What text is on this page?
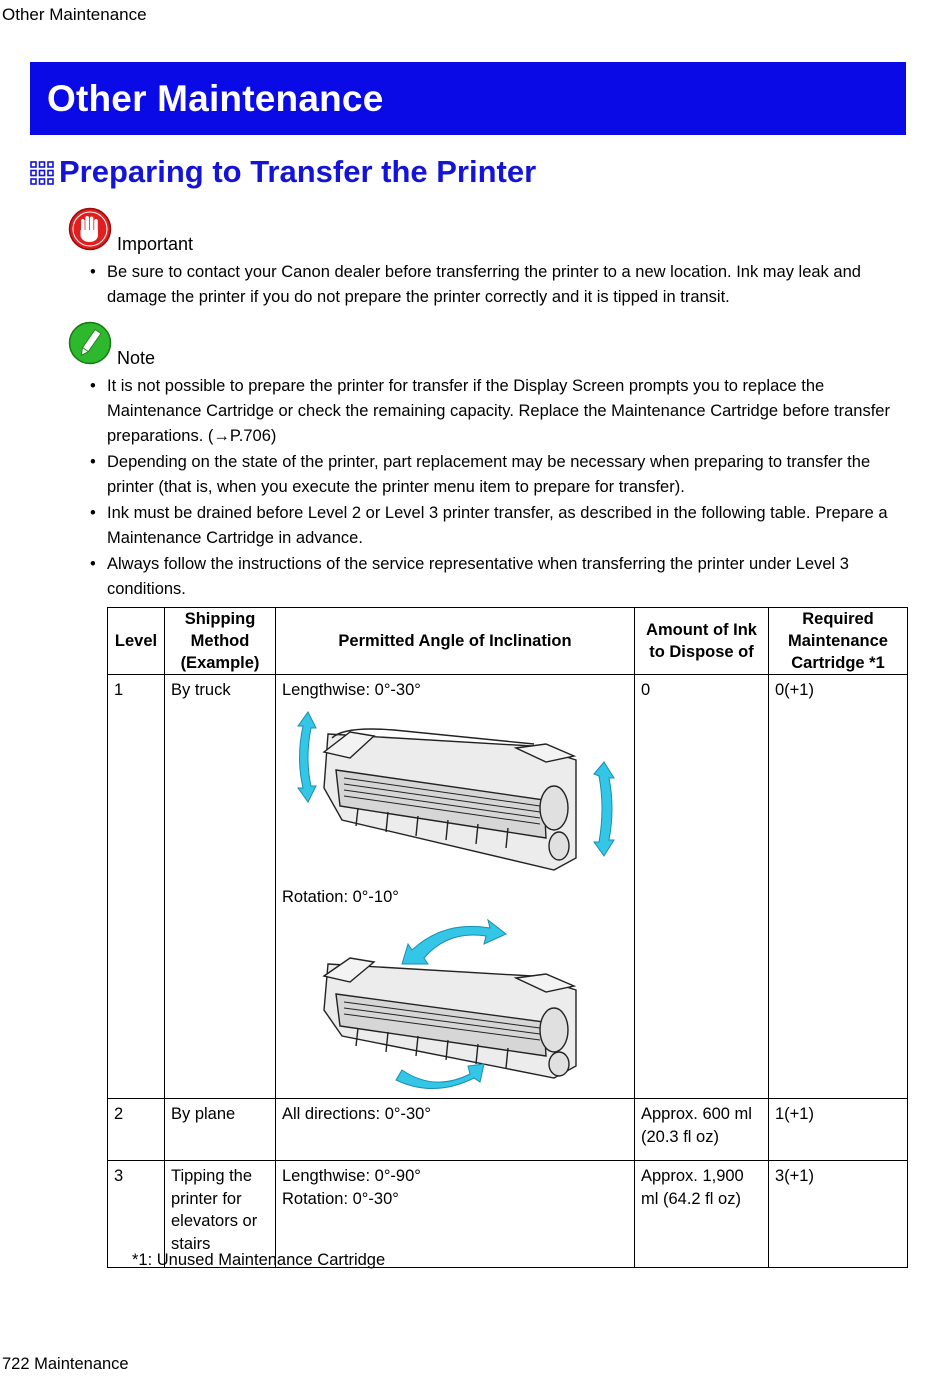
Other Maintenance
Other Maintenance
Preparing to Transfer the Printer
Important
• Be sure to contact your Canon dealer before transferring the printer to a new location. Ink may leak and damage the printer if you do not prepare the printer correctly and it is tipped in transit.
Note
• It is not possible to prepare the printer for transfer if the Display Screen prompts you to replace the Maintenance Cartridge or check the remaining capacity. Replace the Maintenance Cartridge before transfer preparations. (→P.706)
• Depending on the state of the printer, part replacement may be necessary when preparing to transfer the printer (that is, when you execute the printer menu item to prepare for transfer).
• Ink must be drained before Level 2 or Level 3 printer transfer, as described in the following table. Prepare a Maintenance Cartridge in advance.
• Always follow the instructions of the service representative when transferring the printer under Level 3 conditions.
Level	Shipping
Method
(Example)	Permitted Angle of Inclination	Amount of Ink
to Dispose of	Required
Maintenance
Cartridge *1

1	By truck	Lengthwise: 0°-30°
Rotation: 0°-10°	0	0(+1)
2	By plane	All directions: 0°-30°	Approx. 600 ml
(20.3 fl oz)	1(+1)
3	Tipping the
printer for
elevators or
stairs	Lengthwise: 0°-90°
Rotation: 0°-30°	Approx. 1,900
ml (64.2 fl oz)	3(+1)
*1: Unused Maintenance Cartridge
722 Maintenance
